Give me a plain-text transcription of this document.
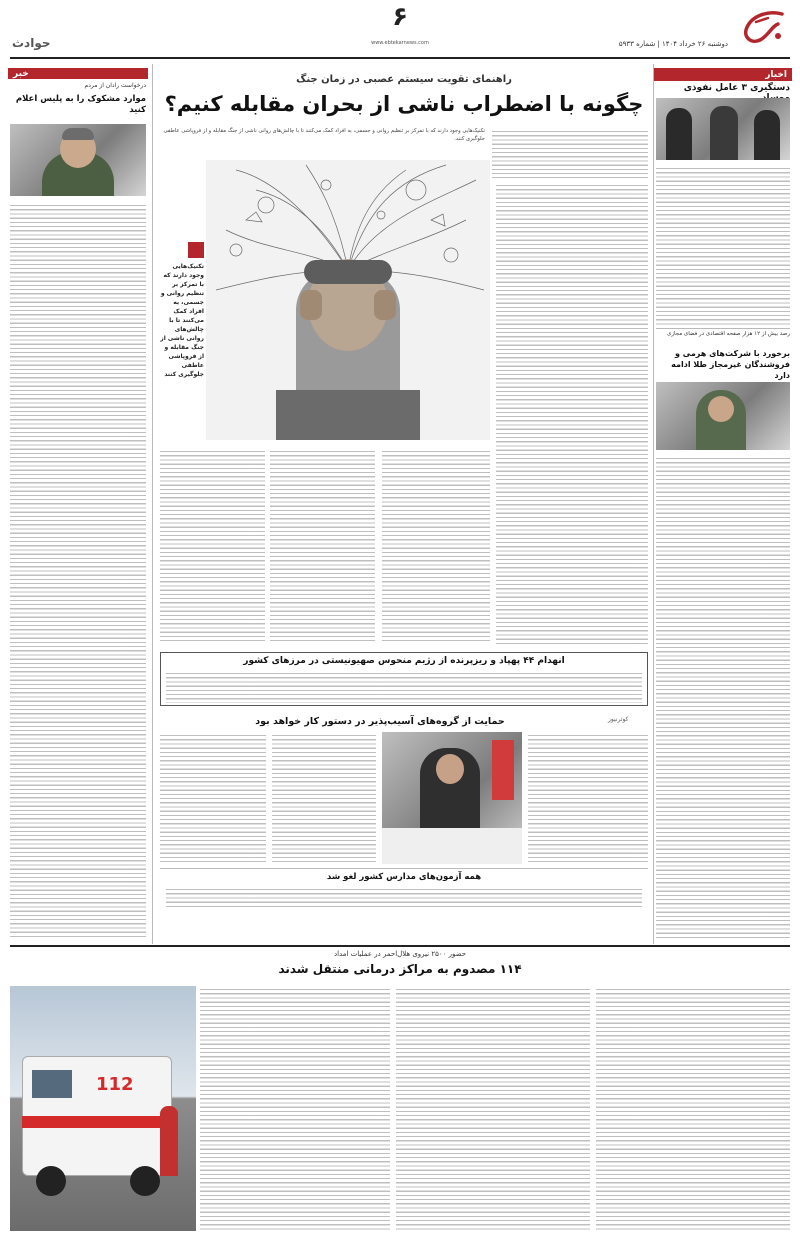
دوشنبه ۲۶ خرداد ۱۴۰۴ | شماره ۵۹۳۳
۶
www.ebtekarnews.com
حوادث
اخبار
دستگیری ۳ عامل نفوذی
رصد بیش از ۱۲ هزار صفحه اقتصادی در فضای مجازی
برخورد با شرکت‌های هرمی و فروشندگان غیرمجاز طلا ادامه دارد
خبر
درخواست رادان از مردم
موارد مشکوک را به پلیس اعلام کنید
راهنمای تقویت سیستم عصبی در زمان جنگ
چگونه با اضطراب ناشی از بحران مقابله کنیم؟
تکنیک‌هایی وجود دارند که با تمرکز بر تنظیم روانی و جسمی، به افراد کمک می‌کنند تا با چالش‌های روانی ناشی از جنگ مقابله و از فروپاشی عاطفی جلوگیری کنند.
تکنیک‌هایی وجود دارند که با تمرکز بر تنظیم روانی و جسمی، به افراد کمک می‌کنند تا با چالش‌های روانی ناشی از جنگ مقابله و از فروپاشی عاطفی جلوگیری کنند
انهدام ۴۴ پهپاد و ریزپرنده از رژیم منحوس صهیونیستی در مرزهای کشور
کوثرنیوز
حمایت از گروه‌های آسیب‌پذیر در دستور کار خواهد بود
همه آزمون‌های مدارس کشور لغو شد
حضور ۲۵۰۰ نیروی هلال‌احمر در عملیات امداد
۱۱۴ مصدوم به مراکز درمانی منتقل شدند
112
